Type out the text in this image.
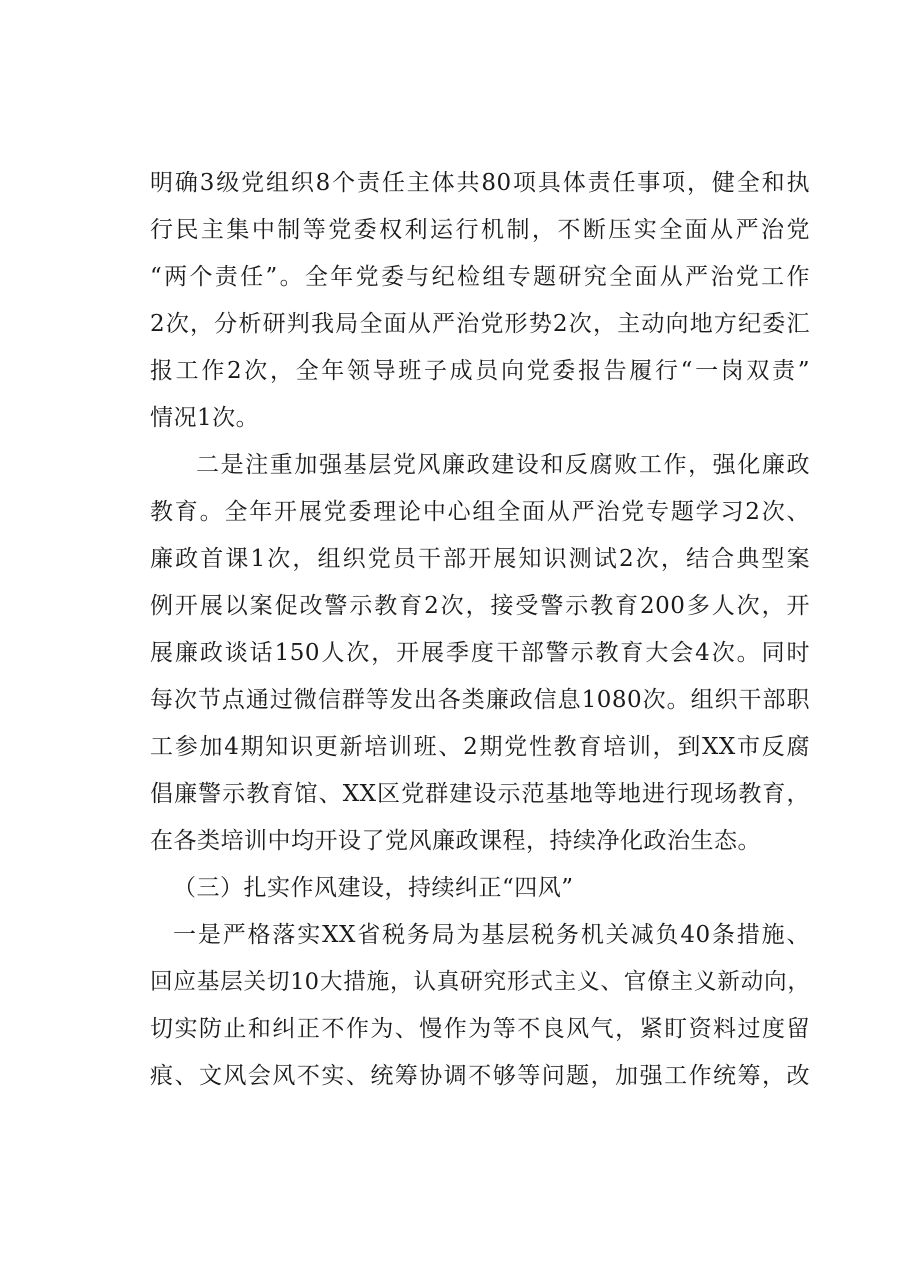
明确3级党组织8个责任主体共80项具体责任事项，健全和执
行民主集中制等党委权利运行机制，不断压实全面从严治党
“两个责任”。全年党委与纪检组专题研究全面从严治党工作
2次，分析研判我局全面从严治党形势2次，主动向地方纪委汇
报工作2次，全年领导班子成员向党委报告履行“一岗双责”
情况1次。
二是注重加强基层党风廉政建设和反腐败工作，强化廉政
教育。全年开展党委理论中心组全面从严治党专题学习2次、
廉政首课1次，组织党员干部开展知识测试2次，结合典型案
例开展以案促改警示教育2次，接受警示教育200多人次，开
展廉政谈话150人次，开展季度干部警示教育大会4次。同时
每次节点通过微信群等发出各类廉政信息1080次。组织干部职
工参加4期知识更新培训班、2期党性教育培训，到XX市反腐
倡廉警示教育馆、XX区党群建设示范基地等地进行现场教育，
在各类培训中均开设了党风廉政课程，持续净化政治生态。
（三）扎实作风建设，持续纠正“四风”
一是严格落实XX省税务局为基层税务机关减负40条措施、
回应基层关切10大措施，认真研究形式主义、官僚主义新动向，
切实防止和纠正不作为、慢作为等不良风气，紧盯资料过度留
痕、文风会风不实、统筹协调不够等问题，加强工作统筹，改
